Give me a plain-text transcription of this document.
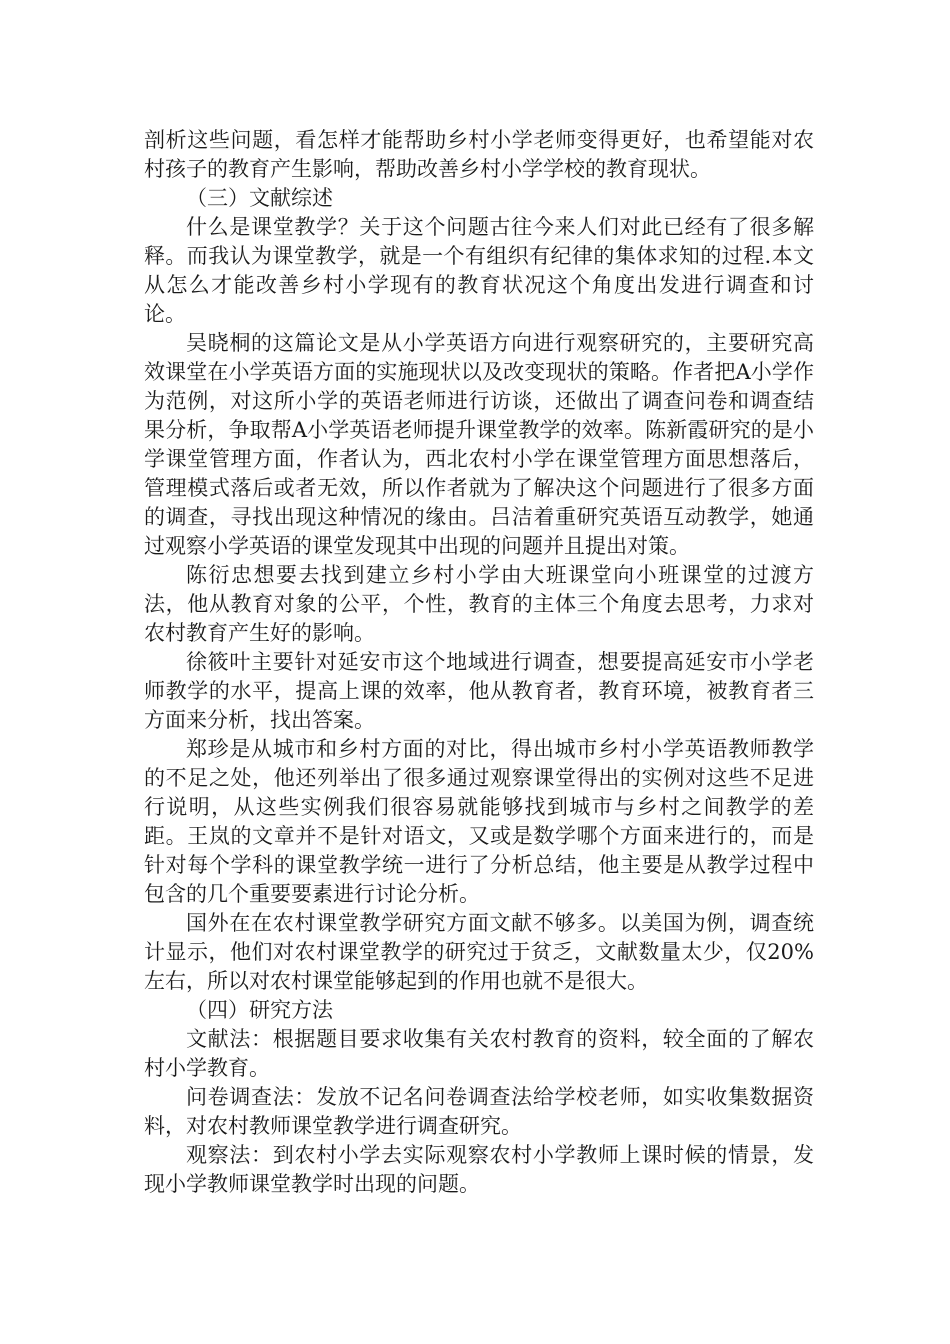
剖析这些问题，看怎样才能帮助乡村小学老师变得更好，也希望能对农村孩子的教育产生影响，帮助改善乡村小学学校的教育现状。

（三）文献综述

什么是课堂教学？关于这个问题古往今来人们对此已经有了很多解释。而我认为课堂教学，就是一个有组织有纪律的集体求知的过程.本文从怎么才能改善乡村小学现有的教育状况这个角度出发进行调查和讨论。

吴晓桐的这篇论文是从小学英语方向进行观察研究的，主要研究高效课堂在小学英语方面的实施现状以及改变现状的策略。作者把A小学作为范例，对这所小学的英语老师进行访谈，还做出了调查问卷和调查结果分析，争取帮A小学英语老师提升课堂教学的效率。陈新霞研究的是小学课堂管理方面，作者认为，西北农村小学在课堂管理方面思想落后，管理模式落后或者无效，所以作者就为了解决这个问题进行了很多方面的调查，寻找出现这种情况的缘由。吕洁着重研究英语互动教学，她通过观察小学英语的课堂发现其中出现的问题并且提出对策。

陈衍忠想要去找到建立乡村小学由大班课堂向小班课堂的过渡方法，他从教育对象的公平，个性，教育的主体三个角度去思考，力求对农村教育产生好的影响。

徐筱叶主要针对延安市这个地域进行调查，想要提高延安市小学老师教学的水平，提高上课的效率，他从教育者，教育环境，被教育者三方面来分析，找出答案。

郑珍是从城市和乡村方面的对比，得出城市乡村小学英语教师教学的不足之处，他还列举出了很多通过观察课堂得出的实例对这些不足进行说明，从这些实例我们很容易就能够找到城市与乡村之间教学的差距。王岚的文章并不是针对语文，又或是数学哪个方面来进行的，而是针对每个学科的课堂教学统一进行了分析总结，他主要是从教学过程中包含的几个重要要素进行讨论分析。

国外在在农村课堂教学研究方面文献不够多。以美国为例，调查统计显示，他们对农村课堂教学的研究过于贫乏，文献数量太少，仅20%左右，所以对农村课堂能够起到的作用也就不是很大。

（四）研究方法

文献法：根据题目要求收集有关农村教育的资料，较全面的了解农村小学教育。

问卷调查法：发放不记名问卷调查法给学校老师，如实收集数据资料，对农村教师课堂教学进行调查研究。

观察法：到农村小学去实际观察农村小学教师上课时候的情景，发现小学教师课堂教学时出现的问题。
